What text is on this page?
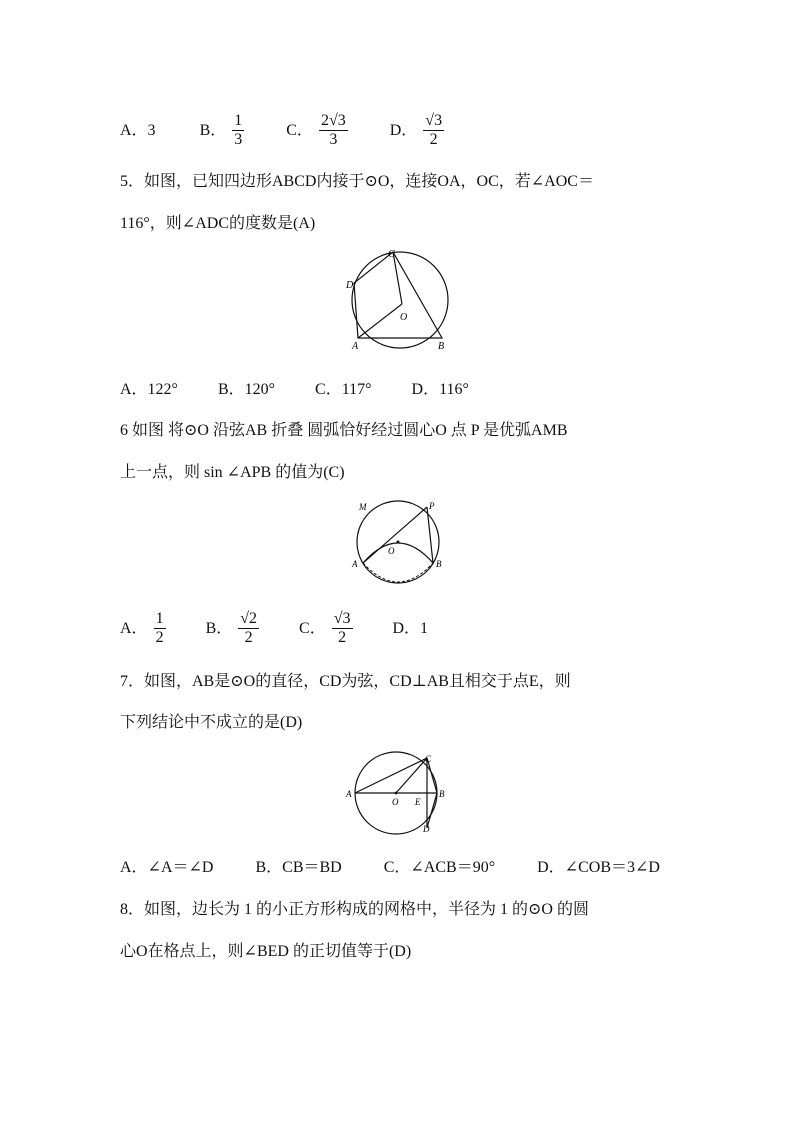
A．3	B． $\frac{1}{3}$	C． $\frac{2√3}{3}$	D． $\frac{√3}{2}$
5．如图，已知四边形ABCD内接于⊙O，连接OA，OC，若∠AOC＝
116°，则∠ADC的度数是(A)
C
D
O
A	B
A．122°	B．120°	C．117°	D．116°
6 如图 将⊙O 沿弦AB 折叠 圆弧恰好经过圆心O 点 P 是优弧AMB
上一点，则 sin ∠APB 的值为(C)
M	P
O
A	B
A． $\frac{1}{2}$	B． $\frac{√2}{2}$	C． $\frac{√3}{2}$	D．1
7．如图，AB是⊙O的直径，CD为弦，CD⊥AB且相交于点E，则
下列结论中不成立的是(D)
A
C
O E
B
D
A．∠A＝∠D	B．CB＝BD	C．∠ACB＝90°	D．∠COB＝3∠D
8．如图，边长为 1 的小正方形构成的网格中，半径为 1 的⊙O 的圆
心O在格点上，则∠BED 的正切值等于(D)
